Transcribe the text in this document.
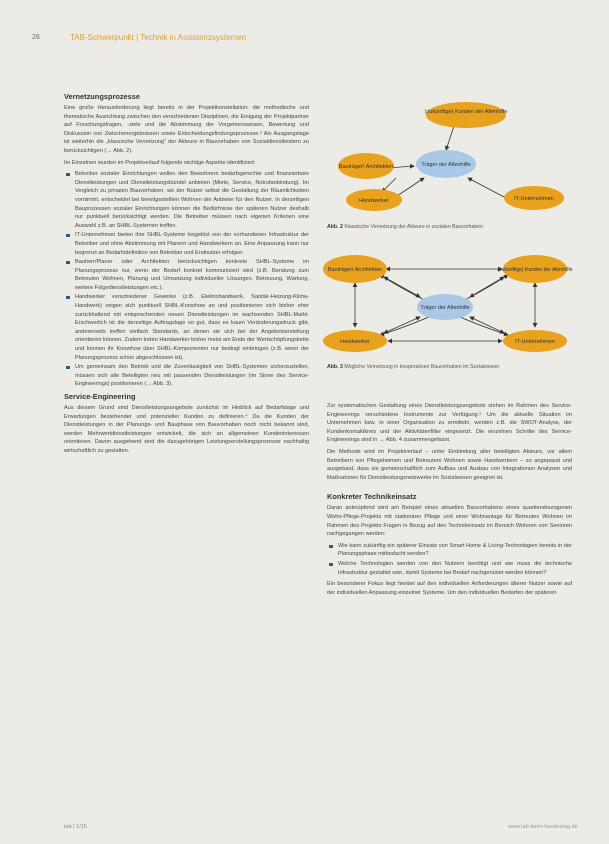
26	TAB-Schwerpunkt | Technik in Assistenzsystemen
Vernetzungsprozesse

Eine große Herausforderung liegt bereits in der Projektkonstellation: die methodische und thematische Ausrichtung zwischen den verschiedenen Disziplinen, die Einigung der Projektpartner auf Forschungsfragen, -ziele und die Abstimmung der Vorgehensweisen, Bewertung und Diskussion von Zwischenergebnissen sowie Entscheidungsfindungsprozesse.³ Als Ausgangslage ist weiterhin die „klassische Vernetzung“ der Akteure in Bauvorhaben von Sozialdienstleistern zu berücksichtigen (→ Abb. 2).

Im Einzelnen wurden im Projektverlauf folgende wichtige Aspekte identifiziert:

Betreiber sozialer Einrichtungen wollen den Bewohnern bedarfsgerechte und finanzierbare Dienstleistungen und Dienstleistungsbündel anbieten (Miete, Service, Notrufanbindung). Im Vergleich zu privaten Bauvorhaben, wo der Nutzer selbst die Gestaltung der Räumlichkeiten vornimmt, entscheidet bei bereitgestellten Wohnen der Anbieter für den Nutzer. In derzeitigen Bauprozessen sozialer Einrichtungen können die Bedürfnisse der späteren Nutzer deshalb nur punktuell berücksichtigt werden. Die Betreiber müssen nach eigenen Kriterien eine Auswahl z.B. an SHBL-Systemen treffen.
IT-Unternehmen bieten ihre SHBL-Systeme losgelöst von der vorhandenen Infrastruktur der Betreiber und ohne Abstimmung mit Planern und Handwerkern an. Eine Anpassung kann nur begrenzt an Bedarfsdefinition von Betreiber und Endnutzer erfolgen.
Bauherr/Planer oder Architekten berücksichtigen konkrete SHBL-Systeme im Planungsprozess nur, wenn der Bedarf konkret kommuniziert wird (z.B. Beratung zum Betreuten Wohnen, Planung und Umsetzung individueller Lösungen, Betreuung, Wartung, weitere Folgedienstleistungen etc.).
Handwerker verschiedener Gewerke (z.B. Elektrohandwerk, Sanitär-Heizung-Klima-Handwerk) zeigen sich punktuell SHBL-Knowhow an und positionieren sich bisher eher zurückhaltend mit entsprechenden neuen Dienstleistungen im wachsenden SHBL-Markt. Erschwerlich ist die derzeitige Auftragslage so gut, dass es kaum Veränderungsdruck gibt, andererseits treffen vielfach Standards, an denen sie sich bei der Angebotserstellung orientieren können. Zudem treten Handwerker bisher meist am Ende der Wertschöpfungskette und können ihr Knowhow über SHBL-Komponenten nur bedingt einbringen (z.B. wenn der Planungsprozess schon abgeschlossen ist).
Um gemeinsam den Betrieb und die Zuverlässigkeit von SHBL-Systemen sicherzustellen, müssen sich alle Beteiligten neu mit passenden Dienstleistungen (im Sinne des Service-Engineerings) positionieren (→ Abb. 3).
Service-Engineering

Aus diesem Grund sind Dienstleistungsangebote zunächst im Hinblick auf Bedarfslage und Erwartungen bestehender und potenzieller Kunden zu definieren.⁴ Da die Kunden der Dienstleistungen in der Planungs- und Bauphase von Bauvorhaben noch nicht bekannt sind, werden Mehrwertdienstleistungen entwickelt, die sich an allgemeinen Kundeninteressen orientieren. Davon ausgehend sind die dazugehörigen Leistungserstellungsprozesse nachhaltig wirtschaftlich zu gestalten.

(zukünftige) Kunden der Altenhilfe
Bauträger/ Architekten	Träger der Altenhilfe
Handwerker	IT-Unternehmen
Abb. 2 Klassische Vernetzung der Akteure in sozialen Bauvorhaben
Bauträger/ Architekten	(zukünftige) Kunden der Altenhilfe
Träger der Altenhilfe
Handwerker	IT-Unternehmen
Abb. 3 Mögliche Vernetzung in kooperativen Bauvorhaben im Sozialwesen

Zur systematischen Gestaltung eines Dienstleistungsangebots stehen im Rahmen des Service-Engineerings verschiedene Instrumente zur Verfügung.⁵ Um die aktuelle Situation im Unternehmen bzw. in einer Organisation zu ermitteln, werden z.B. die SWOT-Analyse, der Kundenkontaktkreis und der Aktivitätenfilter eingesetzt. Die einzelnen Schritte des Service-Engineerings sind in → Abb. 4 zusammengefasst.

Die Methode wird im Projektverlauf – unter Einbindung aller beteiligten Akteure, vor allem Betreibern von Pflegeheimen und Betreutem Wohnen sowie Handwerkern – so angepasst und ausgebaut, dass sie gemeinschaftlich zum Aufbau und Ausbau von Integrationen Analysen und Maßnahmen für Dienstleistungsnetzwerke im Sozialwesen geeignet ist.

Konkreter Technikeinsatz

Daran anknüpfend wird am Beispiel eines aktuellen Bauvorhabens eines quartiersbezogenen Wohn-Pflege-Projekts mit stationärer Pflege und einer Wohnanlage für Betreutes Wohnen im Rahmen des Projekts Fragen in Bezug auf den Technikeinsatz im Bereich Wohnen von Senioren nachgegangen werden:

Wie kann zukünftig ein späterer Einsatz von Smart Home & Living-Technologien bereits in der Planungsphase mitbedacht werden?
Welche Technologien werden von den Nutzern benötigt und wie muss die technische Infrastruktur gestaltet sein, damit Systeme bei Bedarf nachgerüstet werden können?

Ein besonderer Fokus liegt hierbei auf den individuellen Anforderungen älterer Nutzer sowie auf der individuellen Anpassung einzelner Systeme. Um den individuellen Bedarfen der späteren

tab | 1/15	www.tab-beim-bundestag.de
